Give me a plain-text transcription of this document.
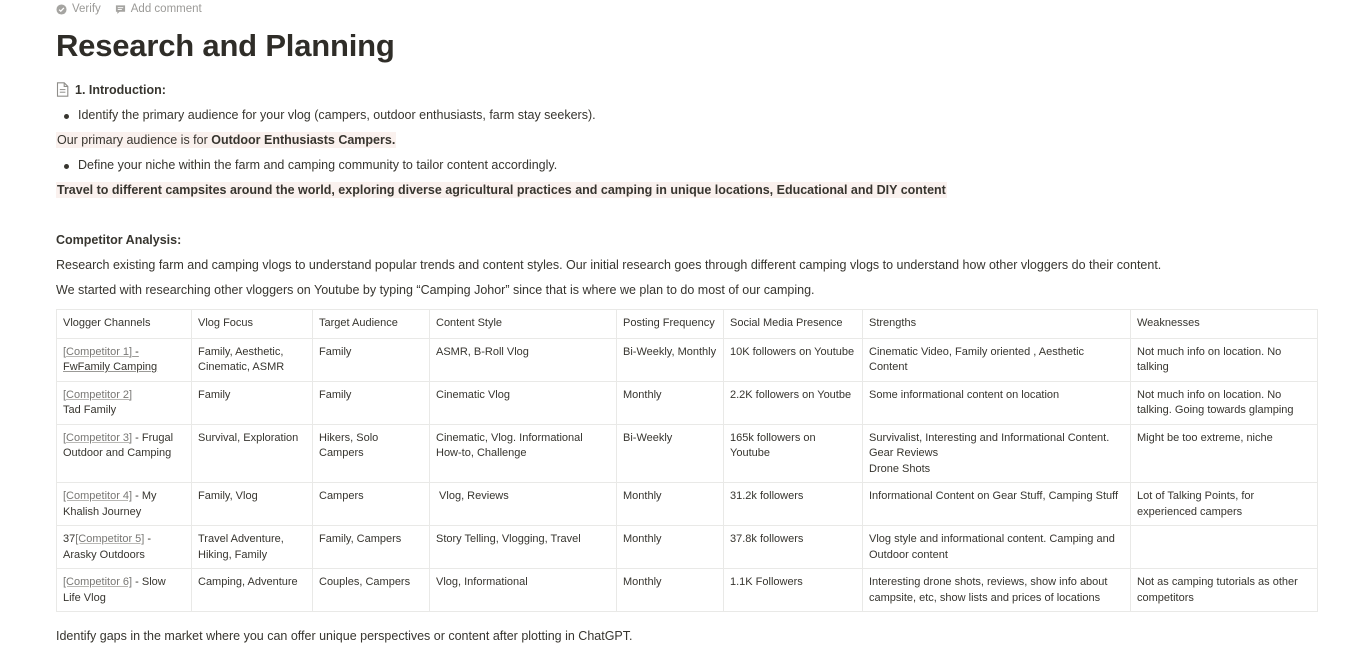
Verify	Add comment
Research and Planning
1. Introduction:
Identify the primary audience for your vlog (campers, outdoor enthusiasts, farm stay seekers).
Our primary audience is for Outdoor Enthusiasts Campers.
Define your niche within the farm and camping community to tailor content accordingly.
Travel to different campsites around the world, exploring diverse agricultural practices and camping in unique locations, Educational and DIY content
Competitor Analysis:
Research existing farm and camping vlogs to understand popular trends and content styles. Our initial research goes through different camping vlogs to understand how other vloggers do their content.
We started with researching other vloggers on Youtube by typing “Camping Johor” since that is where we plan to do most of our camping.
Vlogger Channels	Vlog Focus	Target Audience	Content Style	Posting Frequency	Social Media Presence	Strengths	Weaknesses
[Competitor 1] -
FwFamily Camping	Family, Aesthetic, Cinematic, ASMR	Family	ASMR, B-Roll Vlog	Bi-Weekly, Monthly	10K followers on Youtube	Cinematic Video, Family oriented , Aesthetic Content	Not much info on location. No talking
[Competitor 2]
Tad Family	Family	Family	Cinematic Vlog	Monthly	2.2K followers on Youtbe	Some informational content on location	Not much info on location. No talking. Going towards glamping
[Competitor 3] - Frugal
Outdoor and Camping	Survival, Exploration	Hikers, Solo Campers	Cinematic, Vlog. Informational How-to, Challenge	Bi-Weekly	165k followers on Youtube	Survivalist, Interesting and Informational Content.
Gear Reviews
Drone Shots	Might be too extreme, niche
[Competitor 4] - My
Khalish Journey	Family, Vlog	Campers	Vlog, Reviews	Monthly	31.2k followers	Informational Content on Gear Stuff, Camping Stuff	Lot of Talking Points, for experienced campers
37[Competitor 5] -
Arasky Outdoors	Travel Adventure, Hiking, Family	Family, Campers	Story Telling, Vlogging, Travel	Monthly	37.8k followers	Vlog style and informational content. Camping and Outdoor content	
[Competitor 6] - Slow
Life Vlog	Camping, Adventure	Couples, Campers	Vlog, Informational	Monthly	1.1K Followers	Interesting drone shots, reviews, show info about campsite, etc, show lists and prices of locations	Not as camping tutorials as other competitors
Identify gaps in the market where you can offer unique perspectives or content after plotting in ChatGPT.
